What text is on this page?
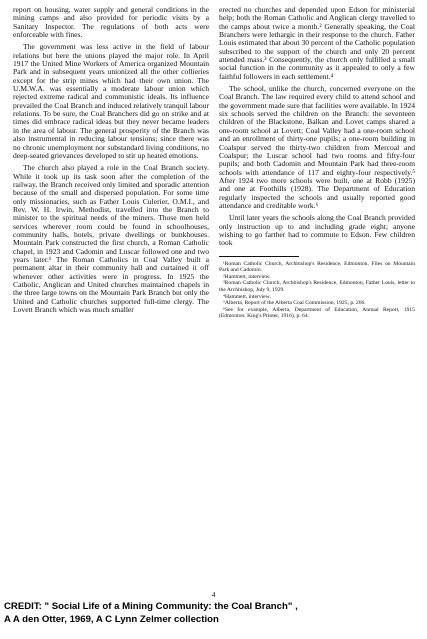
report on housing, water supply and general conditions in the mining camps and also provided for periodic visits by a Sanitary Inspector. The regulations of both acts were enforceable with fines.

The government was less active in the field of labour relations but here the unions played the major role. In April 1917 the United Mine Workers of America organized Mountain Park and in subsequent years unionized all the other collieries except for the strip mines which had their own union. The U.M.W.A. was essentially a moderate labour union which rejected extreme radical and communistic ideals. Its influence prevailed the Coal Branch and induced relatively tranquil labour relations. To be sure, the Coal Branchers did go on strike and at times did embrace radical ideas but they never became leaders in the area of labour. The general prosperity of the Branch was also instrumental in reducing labour tensions; since there was no chronic unemployment nor substandard living conditions, no deep-seated grievances developed to stir up heated emotions.

The church also played a role in the Coal Branch society. While it took up its task soon after the completion of the railway, the Branch received only limited and sporadic attention because of the small and dispersed population. For some time only missionaries, such as Father Louis Culerier, O.M.I., and Rev. W. H. Irwin, Methodist, travelled into the Branch to minister to the spiritual needs of the miners. Those men held services wherever room could be found in schoolhouses, community halls, hotels, private dwellings or bunkhouses. Mountain Park constructed the first church, a Roman Catholic chapel, in 1923 and Cadomin and Luscar followed one and two years later.¹ The Roman Catholics in Coal Valley built a permanent altar in their community hall and curtained it off whenever other activities were in progress. In 1925 the Catholic, Anglican and United churches maintained chapels in the three large towns on the Mountain Park Branch but only the United and Catholic churches supported full-time clergy. The Lovett Branch which was much smaller

erected no churches and depended upon Edson for ministerial help; both the Roman Catholic and Anglican clergy travelled to the camps about twice a month.² Generally speaking, the Coal Branchers were lethargic in their response to the church. Father Louis estimated that about 30 percent of the Catholic population subscribed to the support of the church and only 20 percent attended mass.³ Consequently, the church only fulfilled a small social function in the community as it appealed to only a few faithful followers in each settlement.⁴

The school, unlike the church, concerned everyone on the Coal Branch. The law required every child to attend school and the government made sure that facilities were available. In 1924 six schools served the children on the Branch: the seventeen children of the Blackstone, Balkan and Lovet camps shared a one-room school at Lovett; Coal Valley had a one-room school and an enrollment of thirty-one pupils; a one-room building in Coalspur served the thirty-two children from Mercoal and Coalspur; the Luscar school had two rooms and fifty-four pupils; and both Cadomin and Mountain Park had three-room schools with attendance of 117 and eighty-four respectively.⁵ After 1924 two more schools were built, one at Robb (1925) and one at Foothills (1928). The Department of Education regularly inspected the schools and usually reported good attendance and creditable work.⁶

Until later years the schools along the Coal Branch provided only instruction up to and including grade eight; anyone wishing to go farther had to commute to Edson. Few children took

¹Roman Catholic Church, Archbishop's Residence, Edmonton, Files on Mountain Park and Cadomin.

²Hammett, interview.

³Roman Catholic Church, Archbishop's Residence, Edmonton, Father Louis, letter to the Archbishop, July 9, 1929.

⁴Hammett, interview.

⁵Alberta, Report of the Alberta Coal Commission, 1925, p. 266.

⁶See for example, Alberta, Department of Education, Annual Report, 1915 (Edmonton: King's Printer, 1916), p. 64.

4
CREDIT: " Social Life of a Mining Community: the Coal Branch" ,
A A den Otter, 1969, A C Lynn Zelmer collection
